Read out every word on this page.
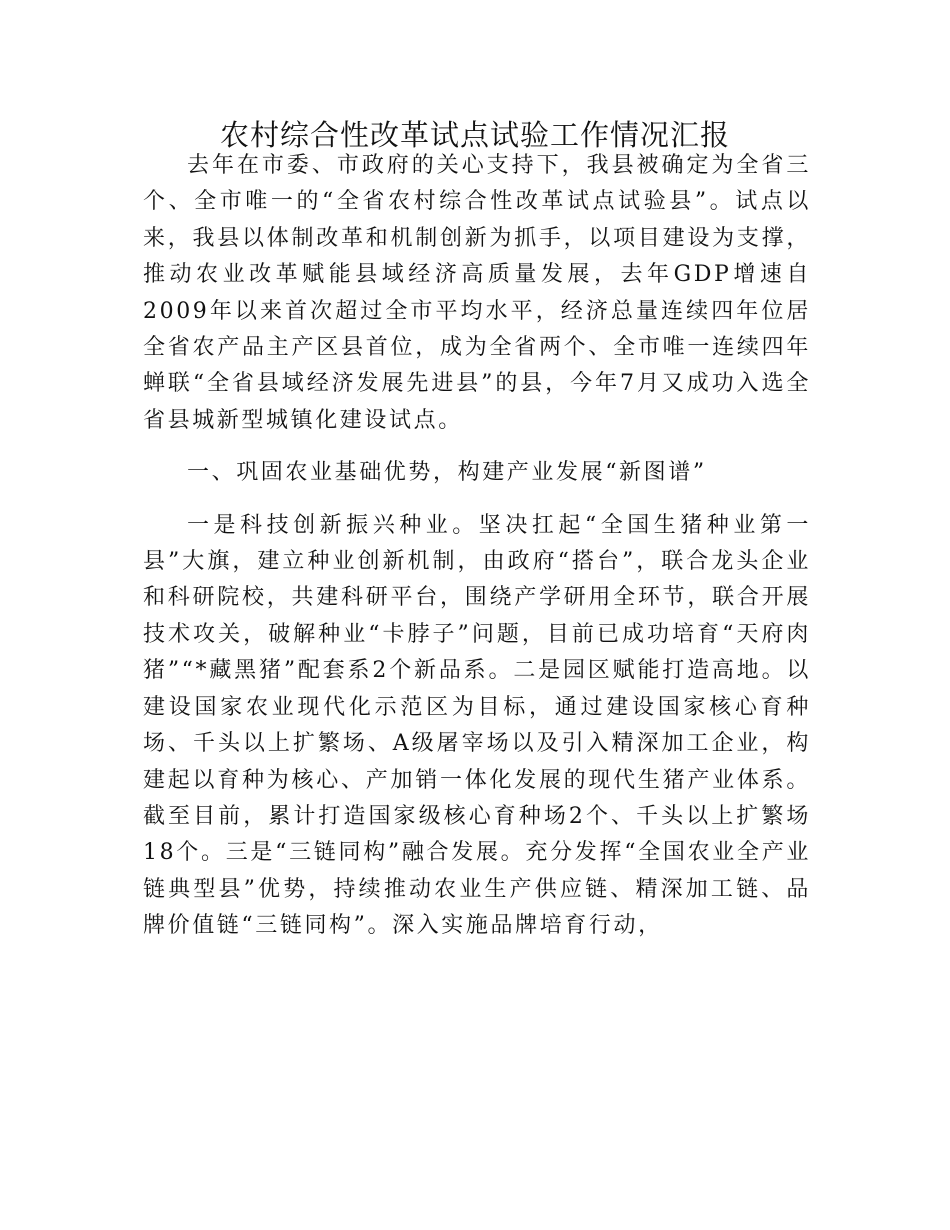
农村综合性改革试点试验工作情况汇报

去年在市委、市政府的关心支持下，我县被确定为全省三个、全市唯一的“全省农村综合性改革试点试验县”。试点以来，我县以体制改革和机制创新为抓手，以项目建设为支撑，推动农业改革赋能县域经济高质量发展，去年GDP增速自2009年以来首次超过全市平均水平，经济总量连续四年位居全省农产品主产区县首位，成为全省两个、全市唯一连续四年蝉联“全省县域经济发展先进县”的县，今年7月又成功入选全省县城新型城镇化建设试点。

一、巩固农业基础优势，构建产业发展“新图谱”

一是科技创新振兴种业。坚决扛起“全国生猪种业第一县”大旗，建立种业创新机制，由政府“搭台”，联合龙头企业和科研院校，共建科研平台，围绕产学研用全环节，联合开展技术攻关，破解种业“卡脖子”问题，目前已成功培育“天府肉猪”“*藏黑猪”配套系2个新品系。二是园区赋能打造高地。以建设国家农业现代化示范区为目标，通过建设国家核心育种场、千头以上扩繁场、A级屠宰场以及引入精深加工企业，构建起以育种为核心、产加销一体化发展的现代生猪产业体系。截至目前，累计打造国家级核心育种场2个、千头以上扩繁场18个。三是“三链同构”融合发展。充分发挥“全国农业全产业链典型县”优势，持续推动农业生产供应链、精深加工链、品牌价值链“三链同构”。深入实施品牌培育行动，
